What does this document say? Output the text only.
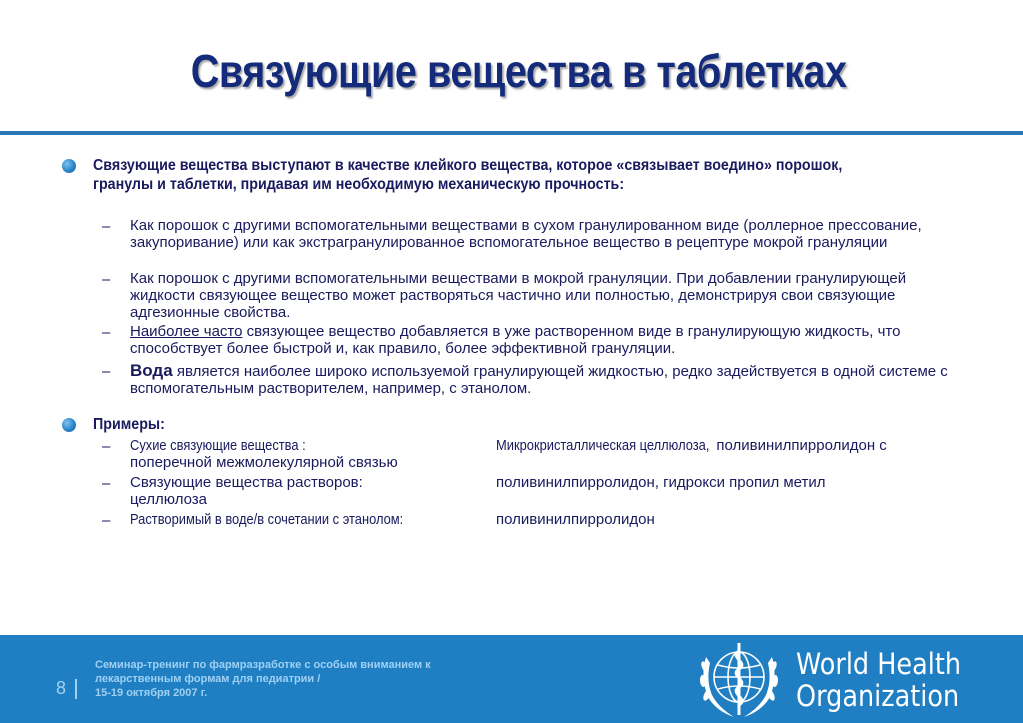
Связующие вещества в таблетках
Связующие вещества выступают в качестве клейкого вещества, которое «связывает воедино» порошок, гранулы и таблетки, придавая им необходимую механическую прочность:
– Как порошок с другими вспомогательными веществами в сухом гранулированном виде (роллерное прессование, закупоривание) или как экстрагранулированное вспомогательное вещество в рецептуре мокрой грануляции
– Как порошок с другими вспомогательными веществами в мокрой грануляции. При добавлении гранулирующей жидкости связующее вещество может растворяться частично или полностью, демонстрируя свои связующие адгезионные свойства.
– Наиболее часто связующее вещество добавляется в уже растворенном виде в гранулирующую жидкость, что способствует более быстрой и, как правило, более эффективной грануляции.
– Вода является наиболее широко используемой гранулирующей жидкостью, редко задействуется в одной системе с вспомогательным растворителем, например, с этанолом.
Примеры:
– Сухие связующие вещества :	Микрокристаллическая целлюлоза, поливинилпирролидон с
поперечной межмолекулярной связью
– Связующие вещества растворов:	поливинилпирролидон, гидрокси пропил метил
целлюлоза
– Растворимый в воде/в сочетании с этанолом:	поливинилпирролидон
8
Семинар-тренинг по фармразработке с особым вниманием к
лекарственным формам для педиатрии /
15-19 октября 2007 г.
World Health
Organization
